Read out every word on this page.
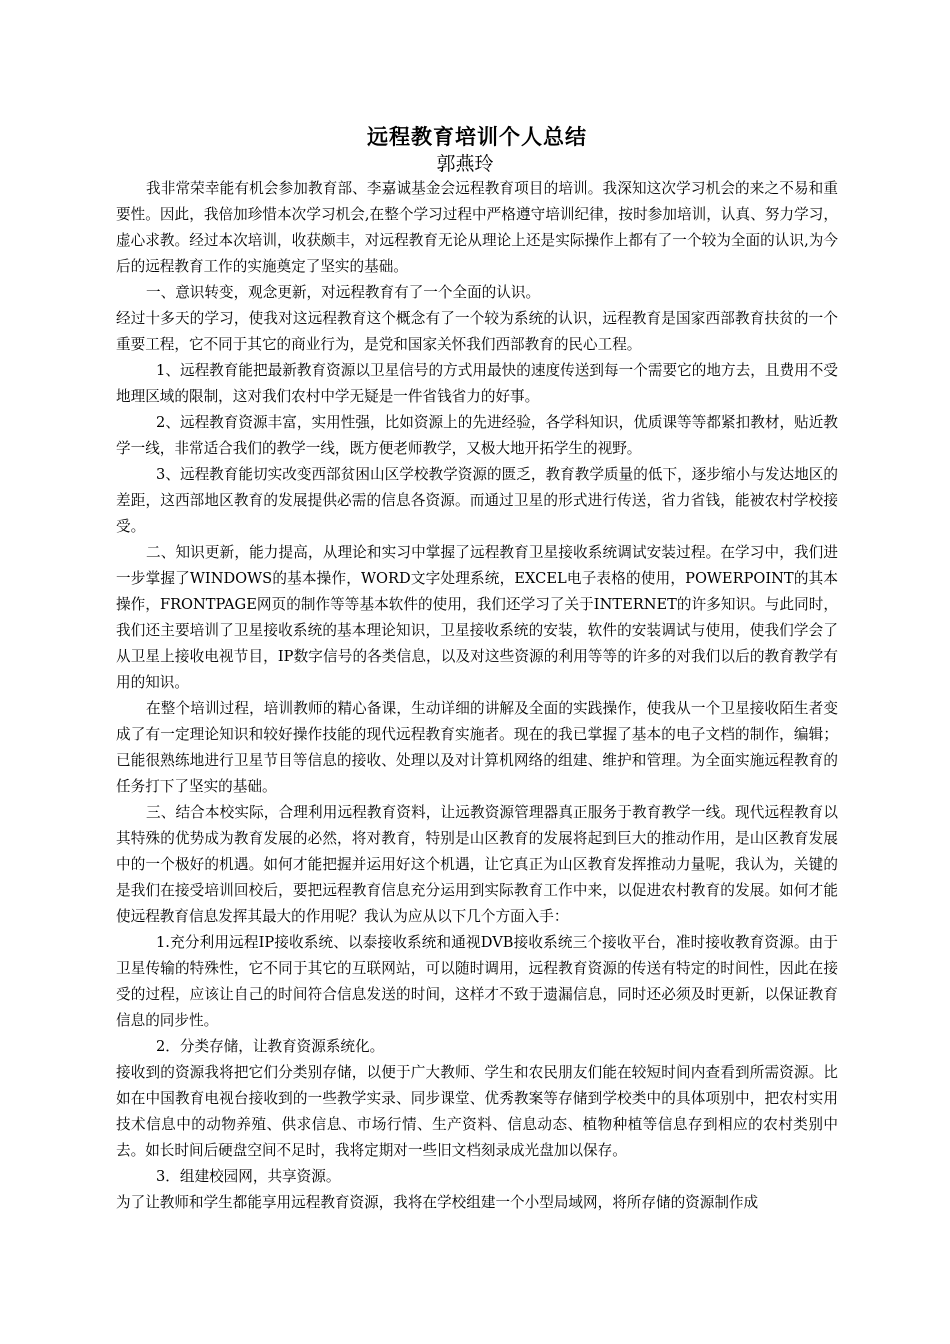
远程教育培训个人总结
郭燕玲

我非常荣幸能有机会参加教育部、李嘉诚基金会远程教育项目的培训。我深知这次学习机会的来之不易和重要性。因此，我倍加珍惜本次学习机会,在整个学习过程中严格遵守培训纪律，按时参加培训，认真、努力学习，虚心求教。经过本次培训，收获颇丰，对远程教育无论从理论上还是实际操作上都有了一个较为全面的认识,为今后的远程教育工作的实施奠定了坚实的基础。

一、意识转变，观念更新，对远程教育有了一个全面的认识。

经过十多天的学习，使我对这远程教育这个概念有了一个较为系统的认识，远程教育是国家西部教育扶贫的一个重要工程，它不同于其它的商业行为，是党和国家关怀我们西部教育的民心工程。

1、远程教育能把最新教育资源以卫星信号的方式用最快的速度传送到每一个需要它的地方去，且费用不受地理区域的限制，这对我们农村中学无疑是一件省钱省力的好事。

2、远程教育资源丰富，实用性强，比如资源上的先进经验，各学科知识，优质课等等都紧扣教材，贴近教学一线，非常适合我们的教学一线，既方便老师教学，又极大地开拓学生的视野。

3、远程教育能切实改变西部贫困山区学校教学资源的匮乏，教育教学质量的低下，逐步缩小与发达地区的差距，这西部地区教育的发展提供必需的信息各资源。而通过卫星的形式进行传送，省力省钱，能被农村学校接受。

二、知识更新，能力提高，从理论和实习中掌握了远程教育卫星接收系统调试安装过程。在学习中，我们进一步掌握了WINDOWS的基本操作，WORD文字处理系统，EXCEL电子表格的使用，POWERPOINT的其本操作，FRONTPAGE网页的制作等等基本软件的使用，我们还学习了关于INTERNET的许多知识。与此同时，我们还主要培训了卫星接收系统的基本理论知识，卫星接收系统的安装，软件的安装调试与使用，使我们学会了从卫星上接收电视节目，IP数字信号的各类信息，以及对这些资源的利用等等的许多的对我们以后的教育教学有用的知识。

在整个培训过程，培训教师的精心备课，生动详细的讲解及全面的实践操作，使我从一个卫星接收陌生者变成了有一定理论知识和较好操作技能的现代远程教育实施者。现在的我已掌握了基本的电子文档的制作，编辑；已能很熟练地进行卫星节目等信息的接收、处理以及对计算机网络的组建、维护和管理。为全面实施远程教育的任务打下了坚实的基础。

三、结合本校实际，合理利用远程教育资料，让远教资源管理器真正服务于教育教学一线。现代远程教育以其特殊的优势成为教育发展的必然，将对教育，特别是山区教育的发展将起到巨大的推动作用，是山区教育发展中的一个极好的机遇。如何才能把握并运用好这个机遇，让它真正为山区教育发挥推动力量呢，我认为，关键的是我们在接受培训回校后，要把远程教育信息充分运用到实际教育工作中来，以促进农村教育的发展。如何才能使远程教育信息发挥其最大的作用呢？我认为应从以下几个方面入手：

1.充分利用远程IP接收系统、以泰接收系统和通视DVB接收系统三个接收平台，准时接收教育资源。由于卫星传输的特殊性，它不同于其它的互联网站，可以随时调用，远程教育资源的传送有特定的时间性，因此在接受的过程，应该让自己的时间符合信息发送的时间，这样才不致于遗漏信息，同时还必须及时更新，以保证教育信息的同步性。

2．分类存储，让教育资源系统化。

接收到的资源我将把它们分类别存储，以便于广大教师、学生和农民朋友们能在较短时间内查看到所需资源。比如在中国教育电视台接收到的一些教学实录、同步课堂、优秀教案等存储到学校类中的具体项别中，把农村实用技术信息中的动物养殖、供求信息、市场行情、生产资料、信息动态、植物种植等信息存到相应的农村类别中去。如长时间后硬盘空间不足时，我将定期对一些旧文档刻录成光盘加以保存。

3．组建校园网，共享资源。

为了让教师和学生都能享用远程教育资源，我将在学校组建一个小型局域网，将所存储的资源制作成
